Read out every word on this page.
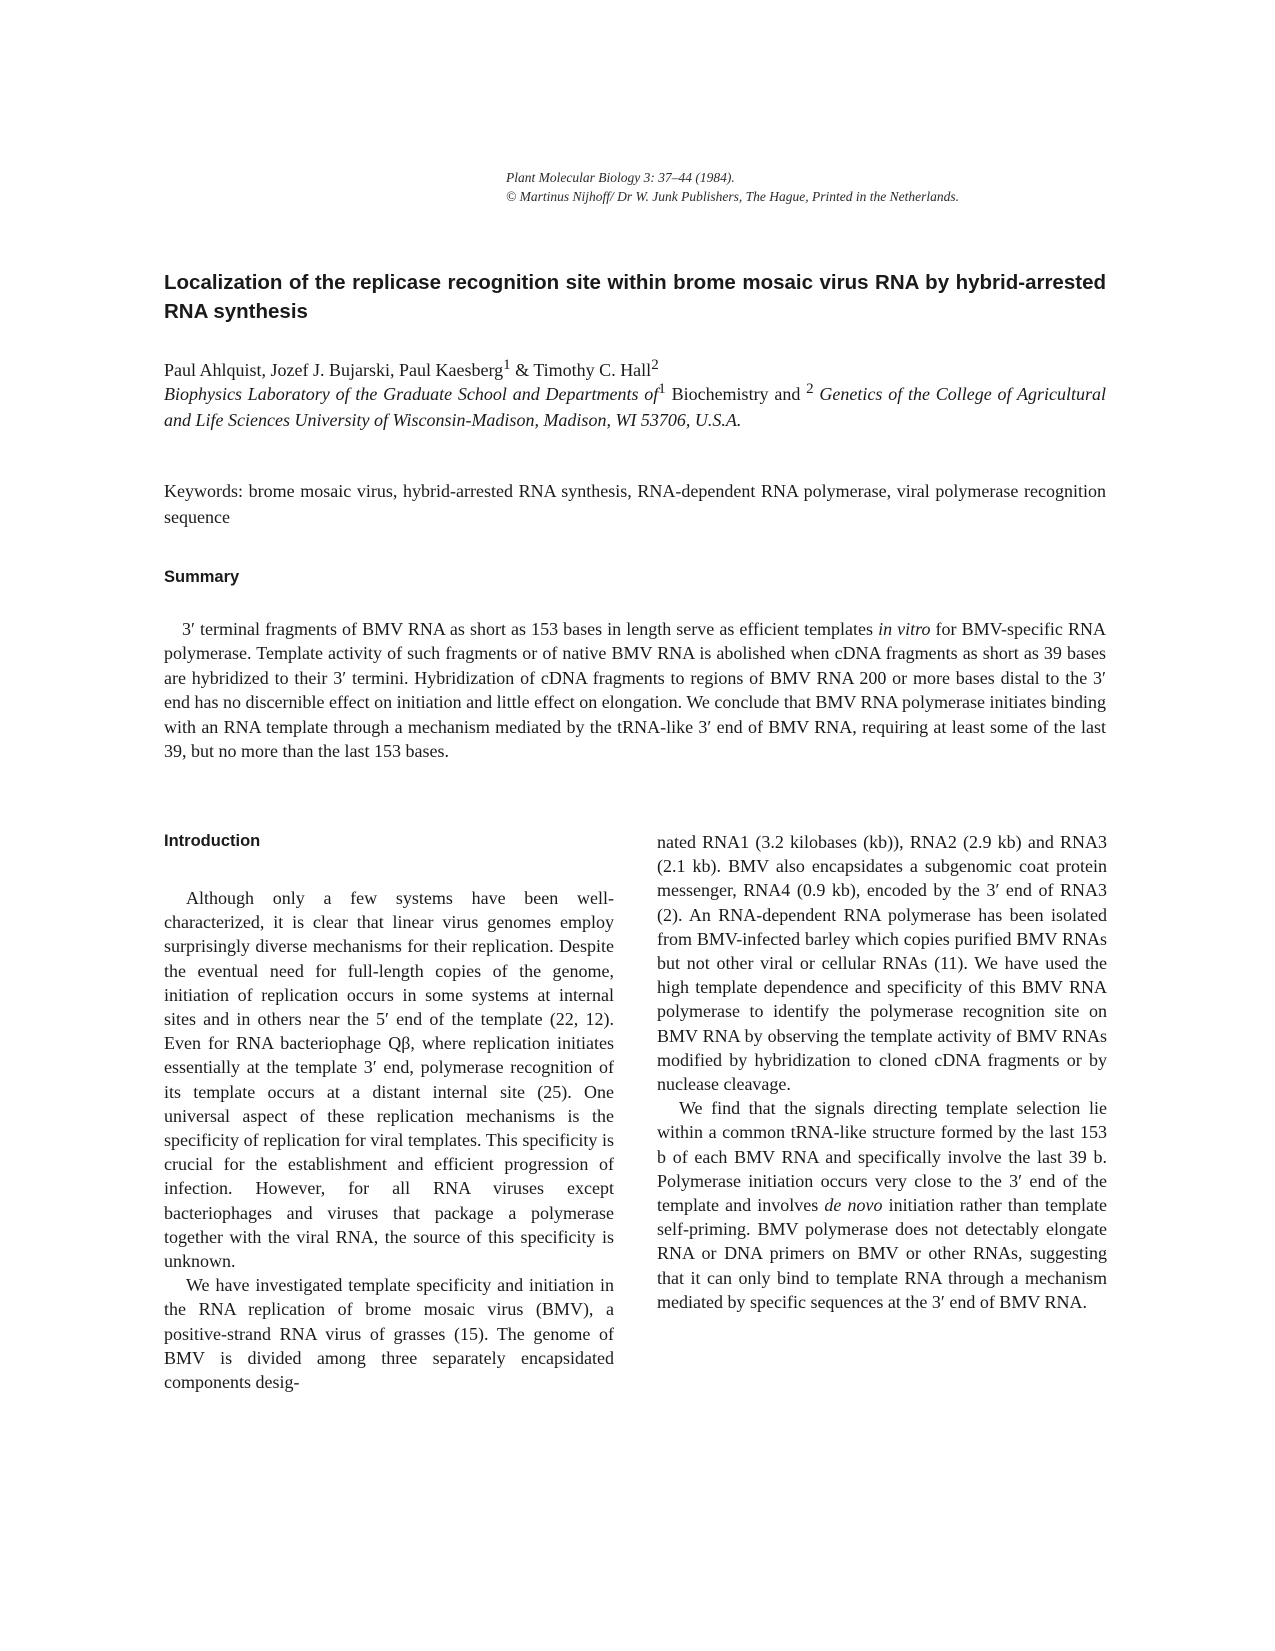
Plant Molecular Biology 3: 37–44 (1984).
© Martinus Nijhoff/ Dr W. Junk Publishers, The Hague, Printed in the Netherlands.
Localization of the replicase recognition site within brome mosaic virus RNA by hybrid-arrested RNA synthesis
Paul Ahlquist, Jozef J. Bujarski, Paul Kaesberg$^1$ & Timothy C. Hall$^2$
Biophysics Laboratory of the Graduate School and Departments $of^1$ Biochemistry and $^2$ Genetics of the College of Agricultural and Life Sciences University of Wisconsin-Madison, Madison, WI 53706, U.S.A.
Keywords: brome mosaic virus, hybrid-arrested RNA synthesis, RNA-dependent RNA polymerase, viral polymerase recognition sequence
Summary

3′ terminal fragments of BMV RNA as short as 153 bases in length serve as efficient templates in vitro for BMV-specific RNA polymerase. Template activity of such fragments or of native BMV RNA is abolished when cDNA fragments as short as 39 bases are hybridized to their 3′ termini. Hybridization of cDNA fragments to regions of BMV RNA 200 or more bases distal to the 3′ end has no discernible effect on initiation and little effect on elongation. We conclude that BMV RNA polymerase initiates binding with an RNA template through a mechanism mediated by the tRNA-like 3′ end of BMV RNA, requiring at least some of the last 39, but no more than the last 153 bases.

Introduction

Although only a few systems have been well-characterized, it is clear that linear virus genomes employ surprisingly diverse mechanisms for their replication. Despite the eventual need for full-length copies of the genome, initiation of replication occurs in some systems at internal sites and in others near the 5′ end of the template (22, 12). Even for RNA bacteriophage Qβ, where replication initiates essentially at the template 3′ end, polymerase recognition of its template occurs at a distant internal site (25). One universal aspect of these replication mechanisms is the specificity of replication for viral templates. This specificity is crucial for the establishment and efficient progression of infection. However, for all RNA viruses except bacteriophages and viruses that package a polymerase together with the viral RNA, the source of this specificity is unknown.

We have investigated template specificity and initiation in the RNA replication of brome mosaic virus (BMV), a positive-strand RNA virus of grasses (15). The genome of BMV is divided among three separately encapsidated components desig-

nated RNA1 (3.2 kilobases (kb)), RNA2 (2.9 kb) and RNA3 (2.1 kb). BMV also encapsidates a subgenomic coat protein messenger, RNA4 (0.9 kb), encoded by the 3′ end of RNA3 (2). An RNA-dependent RNA polymerase has been isolated from BMV-infected barley which copies purified BMV RNAs but not other viral or cellular RNAs (11). We have used the high template dependence and specificity of this BMV RNA polymerase to identify the polymerase recognition site on BMV RNA by observing the template activity of BMV RNAs modified by hybridization to cloned cDNA fragments or by nuclease cleavage.

We find that the signals directing template selection lie within a common tRNA-like structure formed by the last 153 b of each BMV RNA and specifically involve the last 39 b. Polymerase initiation occurs very close to the 3′ end of the template and involves de novo initiation rather than template self-priming. BMV polymerase does not detectably elongate RNA or DNA primers on BMV or other RNAs, suggesting that it can only bind to template RNA through a mechanism mediated by specific sequences at the 3′ end of BMV RNA.
